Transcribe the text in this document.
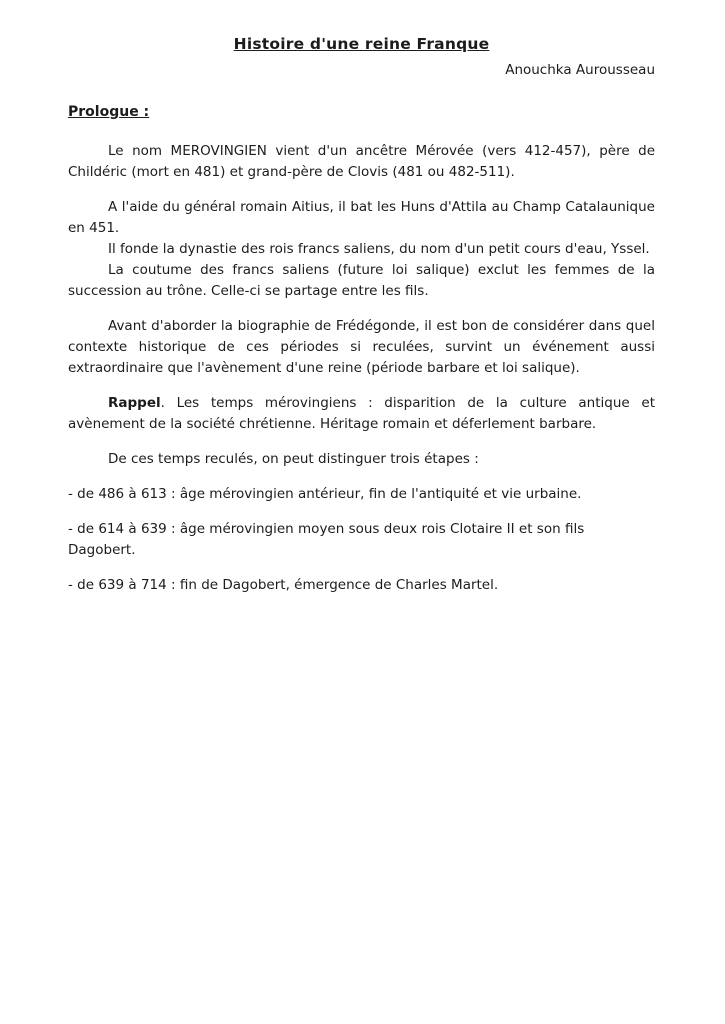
Histoire d'une reine Franque
Anouchka Aurousseau
Prologue :

Le nom MEROVINGIEN vient d'un ancêtre Mérovée (vers 412-457), père de Childéric (mort en 481) et grand-père de Clovis (481 ou 482-511).

A l'aide du général romain Aitius, il bat les Huns d'Attila au Champ Catalaunique en 451.

Il fonde la dynastie des rois francs saliens, du nom d'un petit cours d'eau, Yssel.

La coutume des francs saliens (future loi salique) exclut les femmes de la succession au trône. Celle-ci se partage entre les fils.

Avant d'aborder la biographie de Frédégonde, il est bon de considérer dans quel contexte historique de ces périodes si reculées, survint un événement aussi extraordinaire que l'avènement d'une reine (période barbare et loi salique).

Rappel. Les temps mérovingiens : disparition de la culture antique et avènement de la société chrétienne. Héritage romain et déferlement barbare.

De ces temps reculés, on peut distinguer trois étapes :

- de 486 à 613 : âge mérovingien antérieur, fin de l'antiquité et vie urbaine.

- de 614 à 639 : âge mérovingien moyen sous deux rois Clotaire II et son fils Dagobert.

- de 639 à 714 : fin de Dagobert, émergence de Charles Martel.
